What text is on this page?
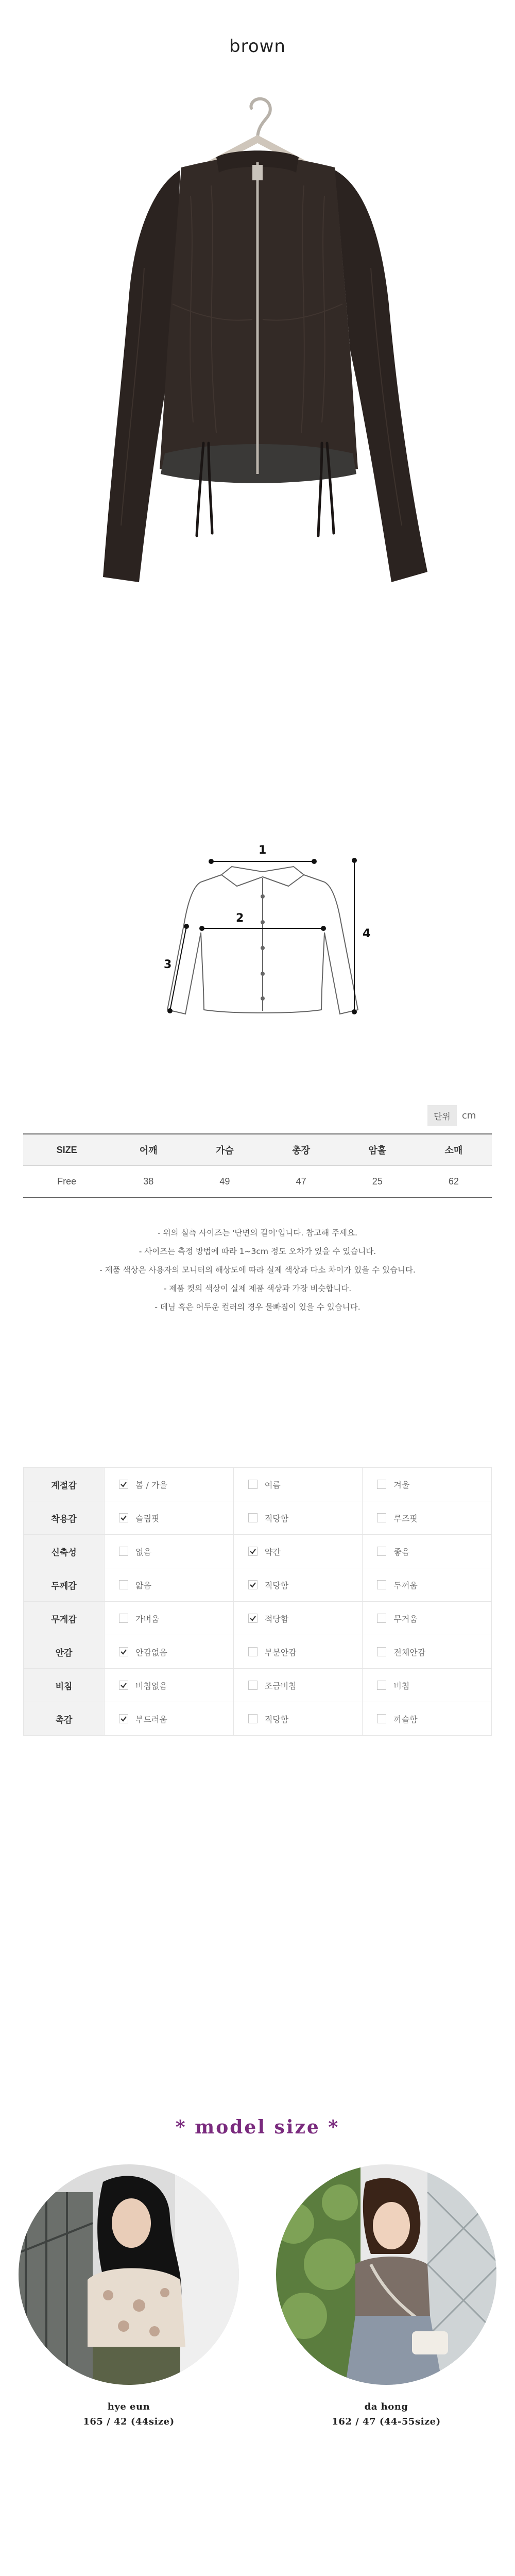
brown
1
2
3
4
단위	cm
SIZE	어깨	가슴	총장	암홀	소매
Free	38	49	47	25	62
- 위의 실측 사이즈는 '단면의 길이'입니다. 참고해 주세요.
- 사이즈는 측정 방법에 따라 1~3cm 정도 오차가 있을 수 있습니다.
- 제품 색상은 사용자의 모니터의 해상도에 따라 실제 색상과 다소 차이가 있을 수 있습니다.
- 제품 컷의 색상이 실제 제품 색상과 가장 비슷합니다.
- 데님 혹은 어두운 컬러의 경우 물빠짐이 있을 수 있습니다.
계절감	봄 / 가을	여름	겨울

착용감	슬림핏	적당함	루즈핏

신축성	없음	약간	좋음

두께감	얇음	적당함	두꺼움

무게감	가벼움	적당함	무거움

안감	안감없음	부분안감	전체안감

비침	비침없음	조금비침	비침

촉감	부드러움	적당함	까슬함
* model size *
hye eun
165 / 42 (44size)
da hong
162 / 47 (44-55size)
